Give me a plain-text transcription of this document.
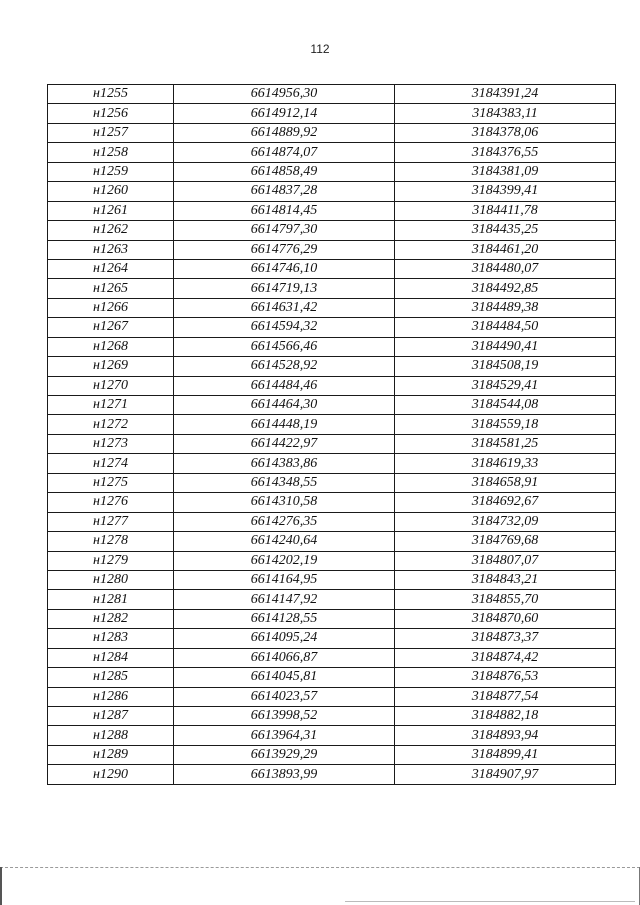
112
н1255	6614956,30	3184391,24
н1256	6614912,14	3184383,11
н1257	6614889,92	3184378,06
н1258	6614874,07	3184376,55
н1259	6614858,49	3184381,09
н1260	6614837,28	3184399,41
н1261	6614814,45	3184411,78
н1262	6614797,30	3184435,25
н1263	6614776,29	3184461,20
н1264	6614746,10	3184480,07
н1265	6614719,13	3184492,85
н1266	6614631,42	3184489,38
н1267	6614594,32	3184484,50
н1268	6614566,46	3184490,41
н1269	6614528,92	3184508,19
н1270	6614484,46	3184529,41
н1271	6614464,30	3184544,08
н1272	6614448,19	3184559,18
н1273	6614422,97	3184581,25
н1274	6614383,86	3184619,33
н1275	6614348,55	3184658,91
н1276	6614310,58	3184692,67
н1277	6614276,35	3184732,09
н1278	6614240,64	3184769,68
н1279	6614202,19	3184807,07
н1280	6614164,95	3184843,21
н1281	6614147,92	3184855,70
н1282	6614128,55	3184870,60
н1283	6614095,24	3184873,37
н1284	6614066,87	3184874,42
н1285	6614045,81	3184876,53
н1286	6614023,57	3184877,54
н1287	6613998,52	3184882,18
н1288	6613964,31	3184893,94
н1289	6613929,29	3184899,41
н1290	6613893,99	3184907,97
